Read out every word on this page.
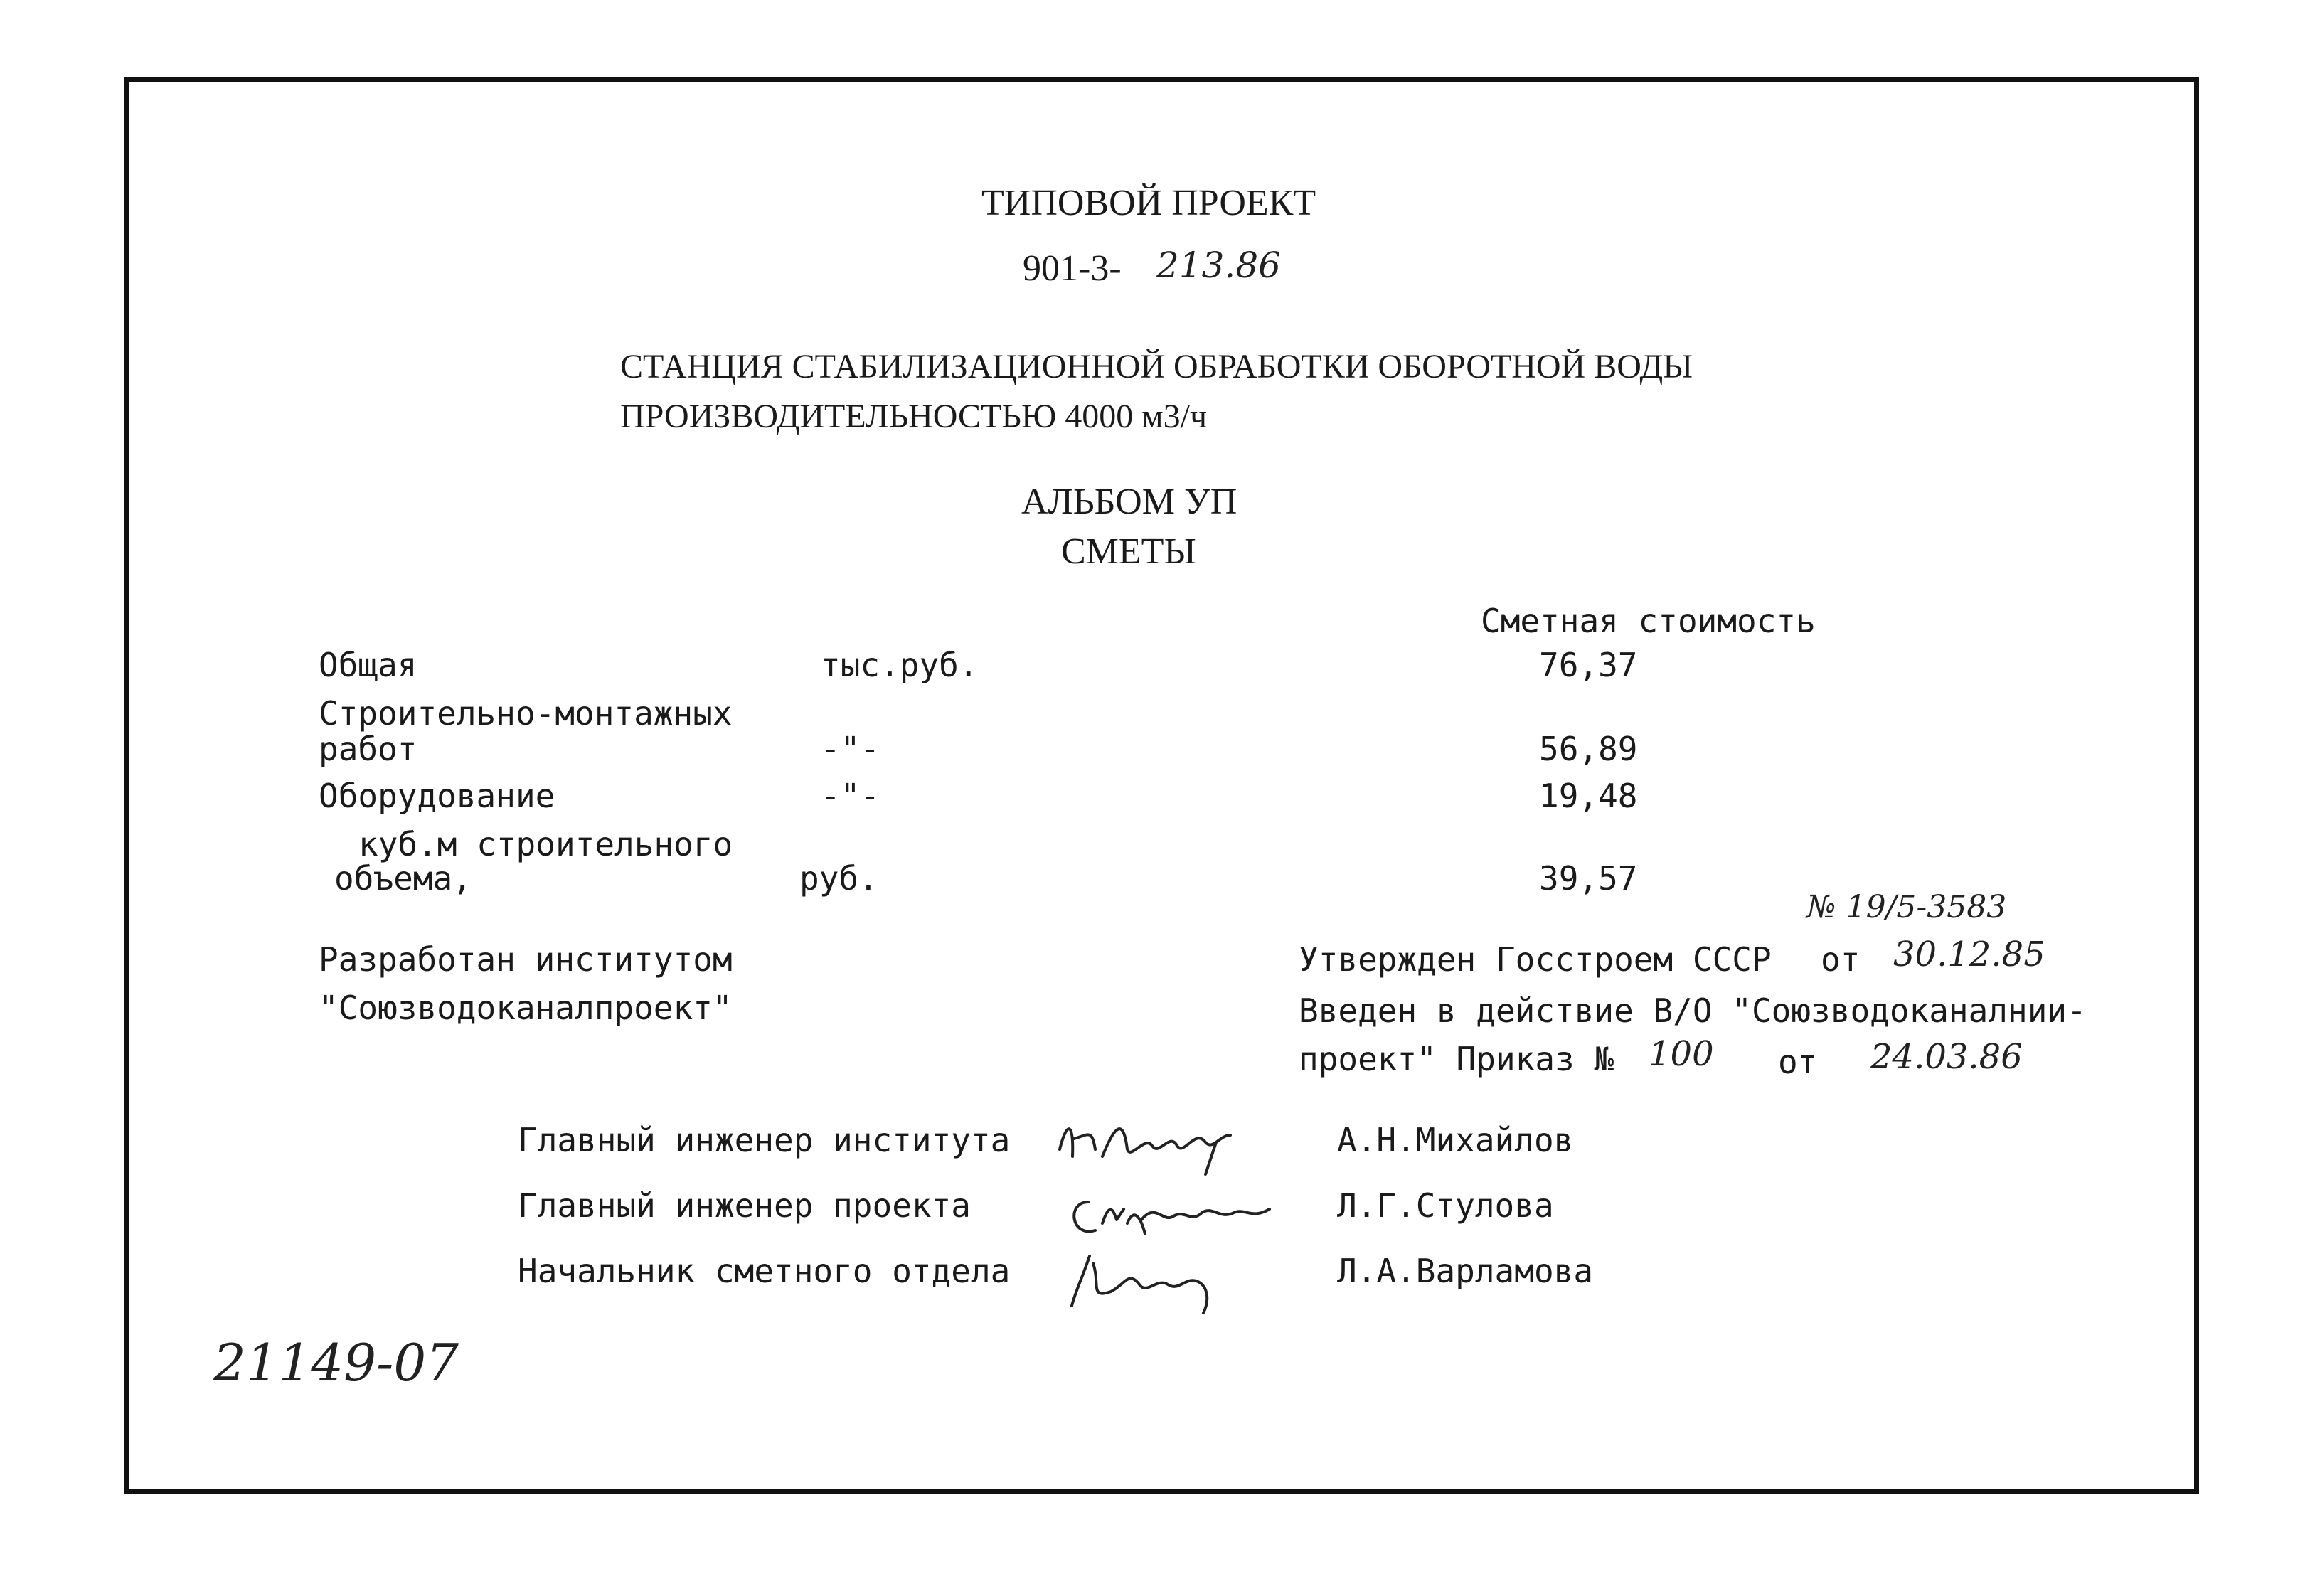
ТИПОВОЙ ПРОЕКТ
901-3- 213.86
СТАНЦИЯ СТАБИЛИЗАЦИОННОЙ ОБРАБОТКИ ОБОРОТНОЙ ВОДЫ
ПРОИЗВОДИТЕЛЬНОСТЬЮ 4000 м3/ч
АЛЬБОМ УП
СМЕТЫ
Сметная стоимость
Общая	тыс.руб.	76,37
Строительно-монтажных
работ	-"-	56,89
Оборудование	-"-	19,48
куб.м строительного
объема,	руб.	39,57
№ 19/5-3583
Разработан институтом
"Союзводоканалпроект"
Утвержден Госстроем СССР от 30.12.85
Введен в действие В/О "Союзводоканалнии-
проект" Приказ № 100 от 24.03.86
Главный инженер института	А.Н.Михайлов
Главный инженер проекта	Л.Г.Стулова
Начальник сметного отдела	Л.А.Варламова
21149-07
